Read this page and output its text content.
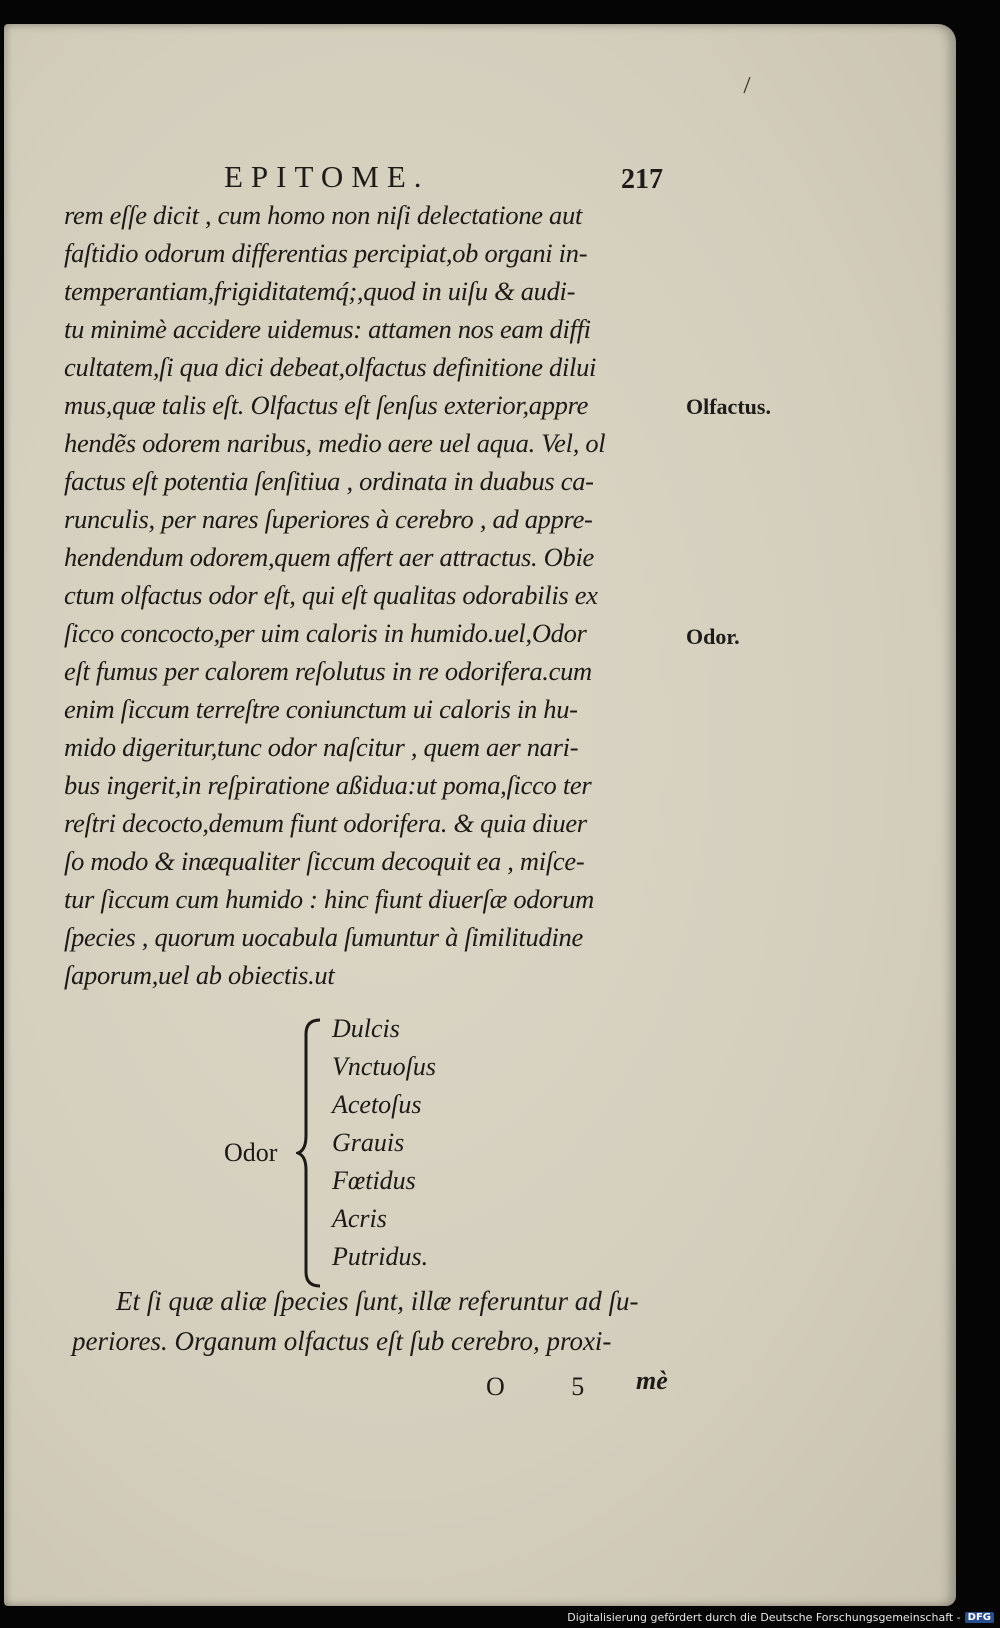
EPITOME.	217
rem eſſe dicit , cum homo non niſi delectatione aut
faſtidio odorum differentias percipiat,ob organi in-
temperantiam,frigiditatemq́;,quod in uiſu & audi-
tu minimè accidere uidemus: attamen nos eam diffi
cultatem,ſi qua dici debeat,olfactus definitione dilui
mus,quæ talis eſt. Olfactus eſt ſenſus exterior,appre
hendẽs odorem naribus, medio aere uel aqua. Vel, ol
factus eſt potentia ſenſitiua , ordinata in duabus ca-
runculis, per nares ſuperiores à cerebro , ad appre-
hendendum odorem,quem affert aer attractus. Obie
ctum olfactus odor eſt, qui eſt qualitas odorabilis ex
ſicco concocto,per uim caloris in humido.uel,Odor
eſt fumus per calorem reſolutus in re odorifera.cum
enim ſiccum terreſtre coniunctum ui caloris in hu-
mido digeritur,tunc odor naſcitur , quem aer nari-
bus ingerit,in reſpiratione aßidua:ut poma,ſicco ter
reſtri decocto,demum fiunt odorifera. & quia diuer
ſo modo & inæqualiter ſiccum decoquit ea , miſce-
tur ſiccum cum humido : hinc fiunt diuerſæ odorum
ſpecies , quorum uocabula ſumuntur à ſimilitudine
ſaporum,uel ab obiectis.ut
Olfactus.
Odor.
Odor
Dulcis
Vnctuoſus
Acetoſus
Grauis
Fœtidus
Acris
Putridus.
Et ſi quæ aliæ ſpecies ſunt, illæ referuntur ad ſu-
periores. Organum olfactus eſt ſub cerebro, proxi-
O 5 mè
Digitalisierung gefördert durch die Deutsche Forschungsgemeinschaft - DFG
